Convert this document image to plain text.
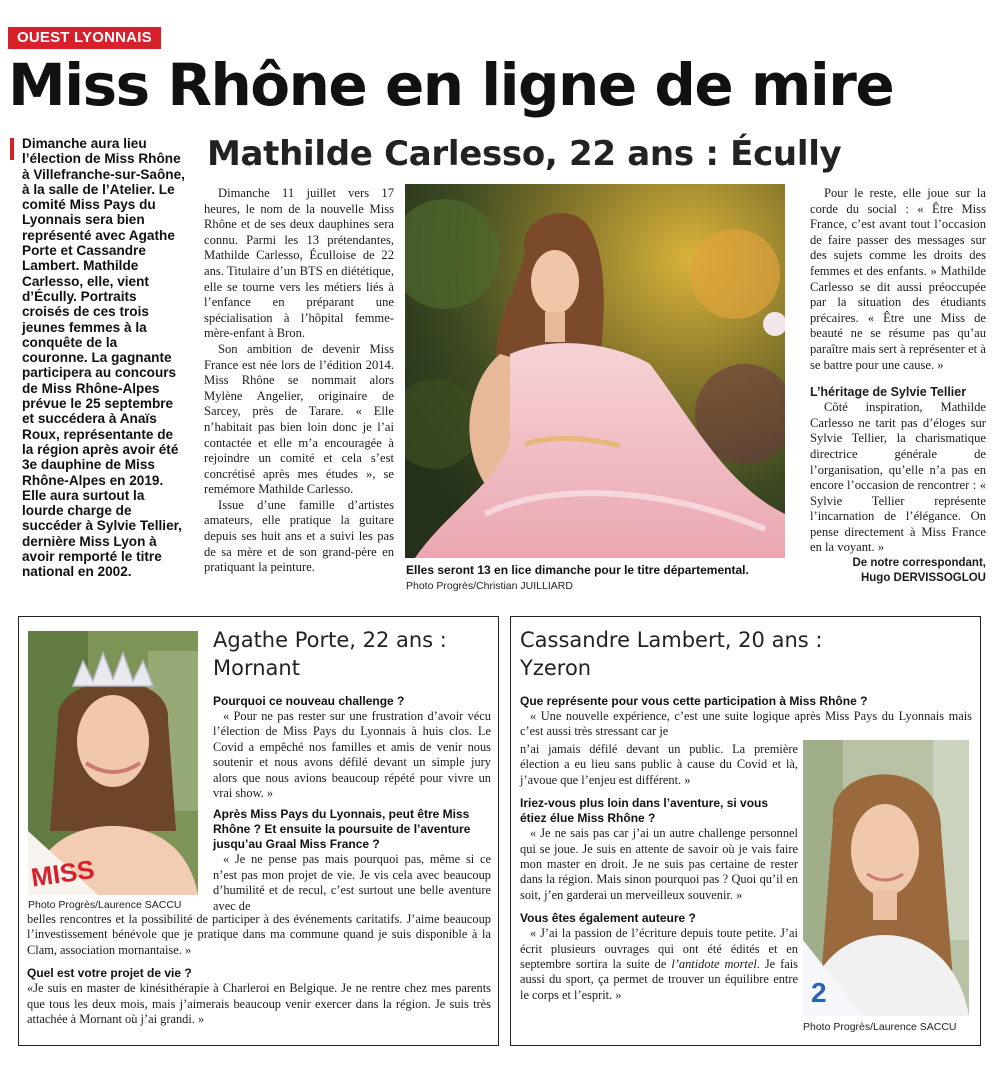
OUEST LYONNAIS
Miss Rhône en ligne de mire
Dimanche aura lieu l’élection de Miss Rhône à Villefranche-sur-Saône, à la salle de l’Atelier. Le comité Miss Pays du Lyonnais sera bien représenté avec Agathe Porte et Cassandre Lambert. Mathilde Carlesso, elle, vient d’Écully. Portraits croisés de ces trois jeunes femmes à la conquête de la couronne. La gagnante participera au concours de Miss Rhône-Alpes prévue le 25 septembre et succédera à Anaïs Roux, représentante de la région après avoir été 3e dauphine de Miss Rhône-Alpes en 2019. Elle aura surtout la lourde charge de succéder à Sylvie Tellier, dernière Miss Lyon à avoir remporté le titre national en 2002.
Mathilde Carlesso, 22 ans : Écully

Dimanche 11 juillet vers 17 heures, le nom de la nouvelle Miss Rhône et de ses deux dauphines sera connu. Parmi les 13 prétendantes, Mathilde Carlesso, Éculloise de 22 ans. Titulaire d’un BTS en diététique, elle se tourne vers les métiers liés à l’enfance en préparant une spécialisation à l’hôpital femme-mère-enfant à Bron.

Son ambition de devenir Miss France est née lors de l’édition 2014. Miss Rhône se nommait alors Mylène Angelier, originaire de Sarcey, près de Tarare. « Elle n’habitait pas bien loin donc je l’ai contactée et elle m’a encouragée à rejoindre un comité et cela s’est concrétisé après mes études », se remémore Mathilde Carlesso.

Issue d’une famille d’artistes amateurs, elle pratique la guitare depuis ses huit ans et a suivi les pas de sa mère et de son grand-père en pratiquant la peinture.	Elles seront 13 en lice dimanche pour le titre départemental.
Photo Progrès/Christian JUILLIARD

Pour le reste, elle joue sur la corde du social : « Être Miss France, c’est avant tout l’occasion de faire passer des messages sur des sujets comme les droits des femmes et des enfants. » Mathilde Carlesso se dit aussi préoccupée par la situation des étudiants précaires. « Être une Miss de beauté ne se résume pas qu’au paraître mais sert à représenter et à se battre pour une cause. »

L’héritage de Sylvie Tellier

Côté inspiration, Mathilde Carlesso ne tarit pas d’éloges sur Sylvie Tellier, la charismatique directrice générale de l’organisation, qu’elle n’a pas en encore l’occasion de rencontrer : « Sylvie Tellier représente l’incarnation de l’élégance. On pense directement à Miss France en la voyant. »

De notre correspondant,
Hugo DERVISSOGLOU
MISS
Photo Progrès/Laurence SACCU
Agathe Porte, 22 ans :
Mornant
Pourquoi ce nouveau challenge ?

« Pour ne pas rester sur une frustration d’avoir vécu l’élection de Miss Pays du Lyonnais à huis clos. Le Covid a empêché nos familles et amis de venir nous soutenir et nous avons défilé devant un simple jury alors que nous avions beaucoup répété pour vivre un vrai show. »

Après Miss Pays du Lyonnais, peut être Miss Rhône ? Et ensuite la poursuite de l’aventure jusqu’au Graal Miss France ?

« Je ne pense pas mais pourquoi pas, même si ce n’est pas mon projet de vie. Je vis cela avec beaucoup d’humilité et de recul, c’est surtout une belle aventure avec de

belles rencontres et la possibilité de participer à des événements caritatifs. J’aime beaucoup l’investissement bénévole que je pratique dans ma commune quand je suis disponible à la Clam, association mornantaise. »

Quel est votre projet de vie ?

«Je suis en master de kinésithérapie à Charleroi en Belgique. Je ne rentre chez mes parents que tous les deux mois, mais j’aimerais beaucoup venir exercer dans la région. Je suis très attachée à Mornant où j’ai grandi. »

Cassandre Lambert, 20 ans :
Yzeron
Que représente pour vous cette participation à Miss Rhône ?

« Une nouvelle expérience, c’est une suite logique après Miss Pays du Lyonnais mais c’est aussi très stressant car je

n’ai jamais défilé devant un public. La première élection a eu lieu sans public à cause du Covid et là, j’avoue que l’enjeu est différent. »

Iriez-vous plus loin dans l’aventure, si vous étiez élue Miss Rhône ?

« Je ne sais pas car j’ai un autre challenge personnel qui se joue. Je suis en attente de savoir où je vais faire mon master en droit. Je ne suis pas certaine de rester dans la région. Mais sinon pourquoi pas ? Quoi qu’il en soit, j’en garderai un merveilleux souvenir. »

Vous êtes également auteure ?

« J’ai la passion de l’écriture depuis toute petite. J’ai écrit plusieurs ouvrages qui ont été édités et en septembre sortira la suite de l’antidote mortel. Je fais aussi du sport, ça permet de trouver un équilibre entre le corps et l’esprit. »	2
Photo Progrès/Laurence SACCU
